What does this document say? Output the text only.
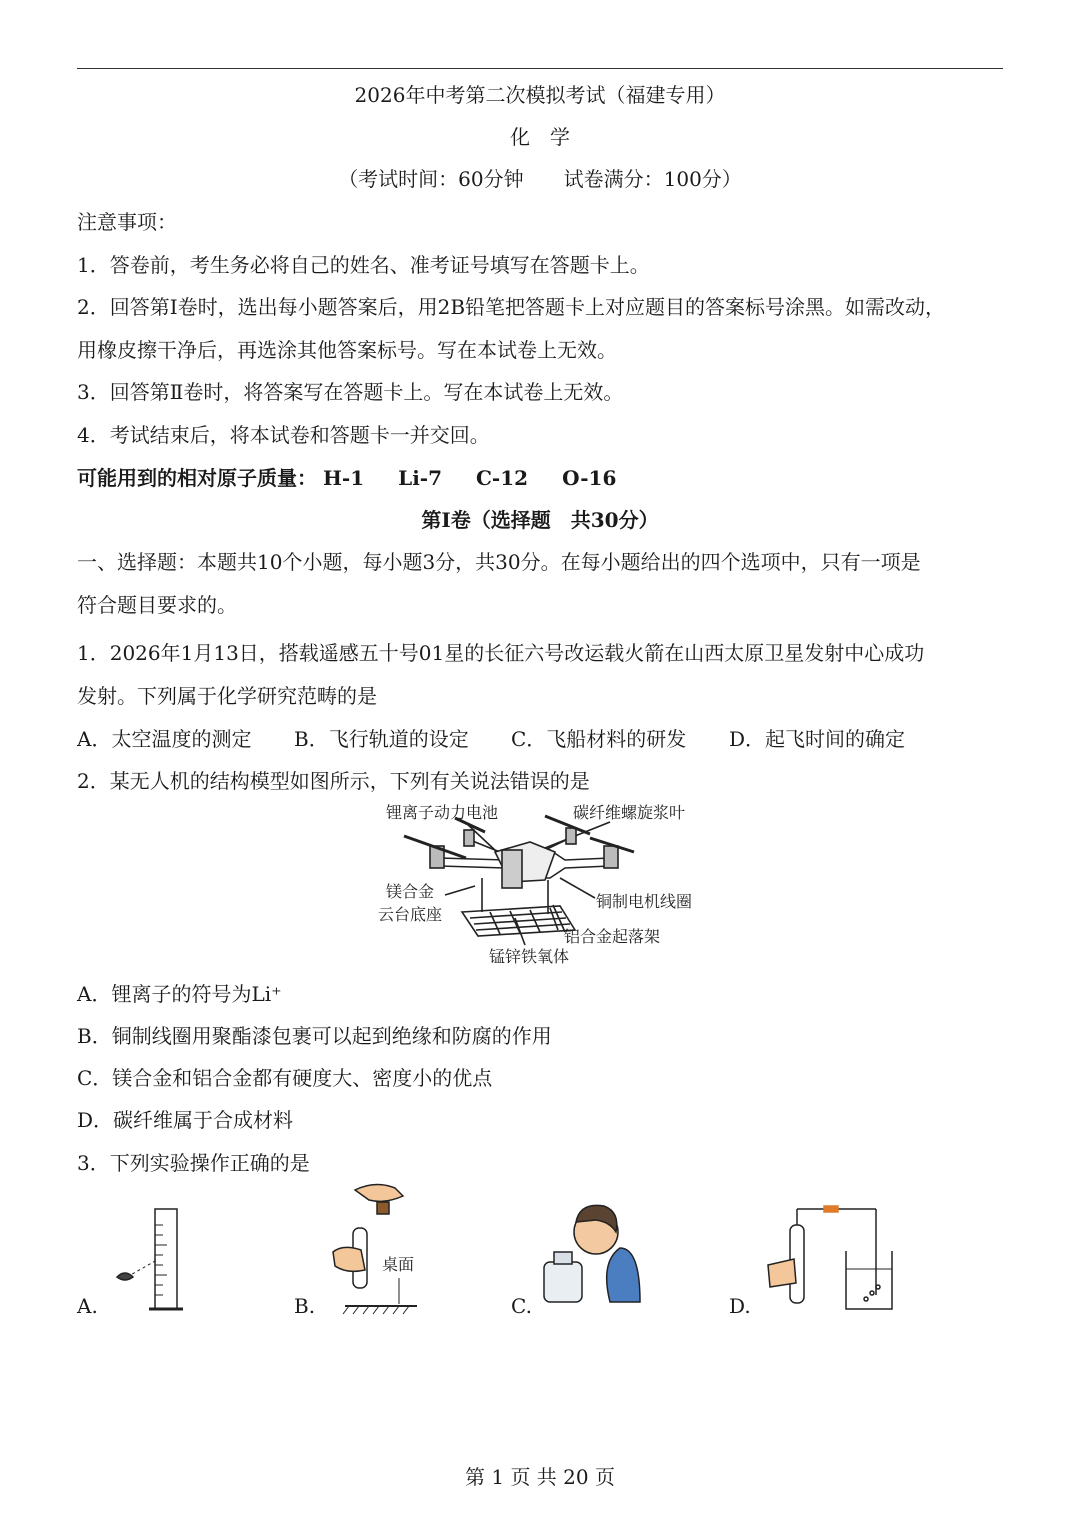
2026年中考第二次模拟考试（福建专用）
化　学
（考试时间：60分钟　　试卷满分：100分）
注意事项：
1．答卷前，考生务必将自己的姓名、准考证号填写在答题卡上。
2．回答第Ⅰ卷时，选出每小题答案后，用2B铅笔把答题卡上对应题目的答案标号涂黑。如需改动，
用橡皮擦干净后，再选涂其他答案标号。写在本试卷上无效。
3．回答第Ⅱ卷时，将答案写在答题卡上。写在本试卷上无效。
4．考试结束后，将本试卷和答题卡一并交回。
可能用到的相对原子质量： H-1 Li-7 C-12 O-16
第Ⅰ卷（选择题　共30分）
一、选择题：本题共10个小题，每小题3分，共30分。在每小题给出的四个选项中，只有一项是
符合题目要求的。
1．2026年1月13日，搭载遥感五十号01星的长征六号改运载火箭在山西太原卫星发射中心成功
发射。下列属于化学研究范畴的是
A．太空温度的测定 B．飞行轨道的设定 C．飞船材料的研发 D．起飞时间的确定
2．某无人机的结构模型如图所示，下列有关说法错误的是
锂离子动力电池	碳纤维螺旋浆叶
镁合金
云台底座
铜制电机线圈
铝合金起落架
锰锌铁氧体
A．锂离子的符号为Li⁺
B．铜制线圈用聚酯漆包裹可以起到绝缘和防腐的作用
C．镁合金和铝合金都有硬度大、密度小的优点
D．碳纤维属于合成材料
3．下列实验操作正确的是
A.	B.
桌面
C.	D.
第 1 页 共 20 页
